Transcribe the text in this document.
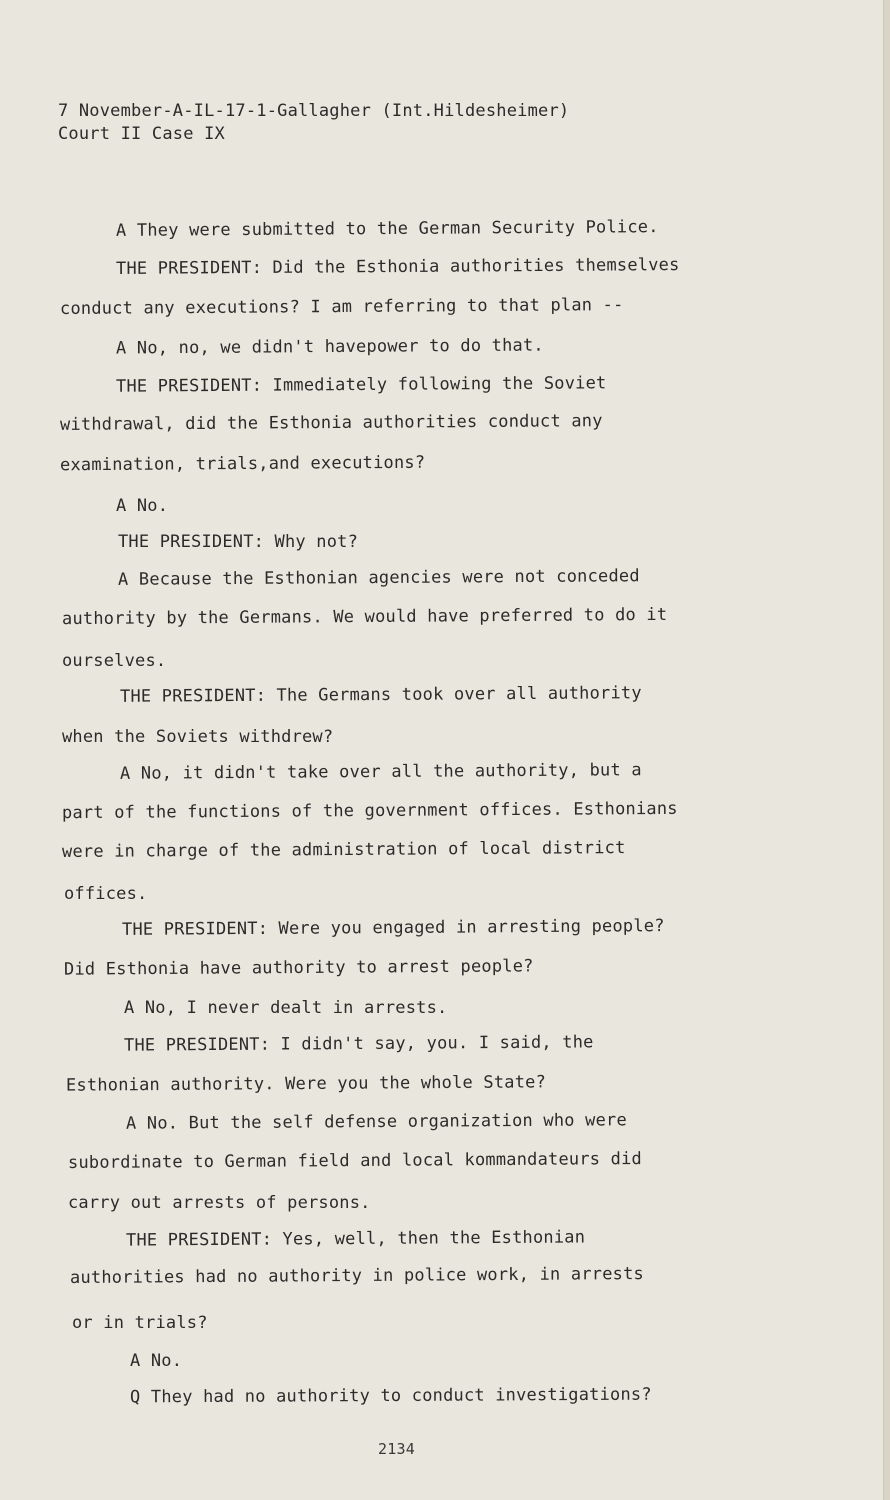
7 November-A-IL-17-1-Gallagher (Int.Hildesheimer)
Court II Case IX
A They were submitted to the German Security Police.
THE PRESIDENT: Did the Esthonia authorities themselves
conduct any executions? I am referring to that plan --
A No, no, we didn't havepower to do that.
THE PRESIDENT: Immediately following the Soviet
withdrawal, did the Esthonia authorities conduct any
examination, trials,and executions?
A No.
THE PRESIDENT: Why not?
A Because the Esthonian agencies were not conceded
authority by the Germans. We would have preferred to do it
ourselves.
THE PRESIDENT: The Germans took over all authority
when the Soviets withdrew?
A No, it didn't take over all the authority, but a
part of the functions of the government offices. Esthonians
were in charge of the administration of local district
offices.
THE PRESIDENT: Were you engaged in arresting people?
Did Esthonia have authority to arrest people?
A No, I never dealt in arrests.
THE PRESIDENT: I didn't say, you. I said, the
Esthonian authority. Were you the whole State?
A No. But the self defense organization who were
subordinate to German field and local kommandateurs did
carry out arrests of persons.
THE PRESIDENT: Yes, well, then the Esthonian
authorities had no authority in police work, in arrests
or in trials?
A No.
Q They had no authority to conduct investigations?
2134
